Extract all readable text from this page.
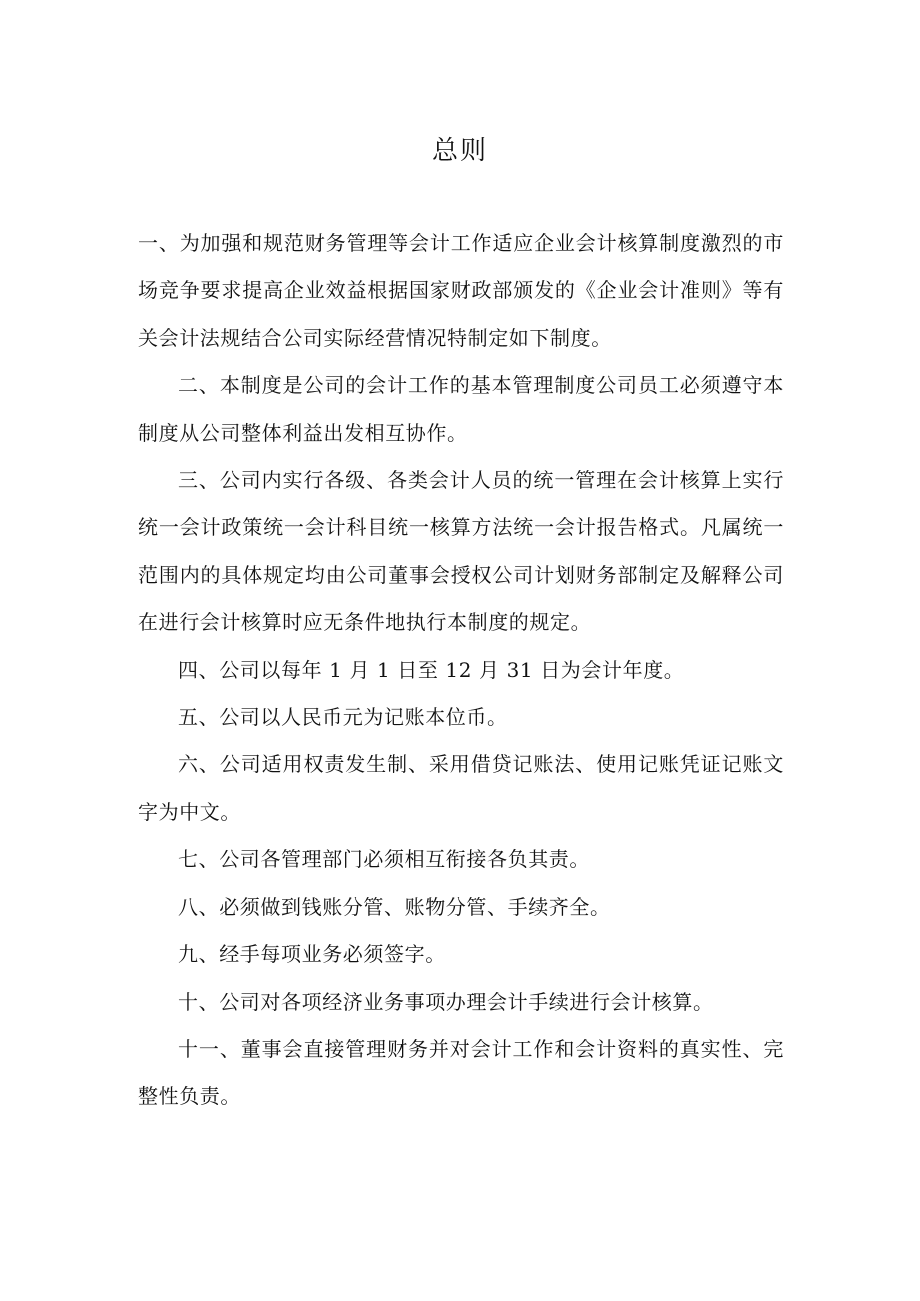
总则

一、为加强和规范财务管理等会计工作适应企业会计核算制度激烈的市场竞争要求提高企业效益根据国家财政部颁发的《企业会计准则》等有关会计法规结合公司实际经营情况特制定如下制度。

二、本制度是公司的会计工作的基本管理制度公司员工必须遵守本制度从公司整体利益出发相互协作。

三、公司内实行各级、各类会计人员的统一管理在会计核算上实行统一会计政策统一会计科目统一核算方法统一会计报告格式。凡属统一范围内的具体规定均由公司董事会授权公司计划财务部制定及解释公司在进行会计核算时应无条件地执行本制度的规定。

四、公司以每年 1 月 1 日至 12 月 31 日为会计年度。

五、公司以人民币元为记账本位币。

六、公司适用权责发生制、采用借贷记账法、使用记账凭证记账文字为中文。

七、公司各管理部门必须相互衔接各负其责。

八、必须做到钱账分管、账物分管、手续齐全。

九、经手每项业务必须签字。

十、公司对各项经济业务事项办理会计手续进行会计核算。

十一、董事会直接管理财务并对会计工作和会计资料的真实性、完整性负责。
